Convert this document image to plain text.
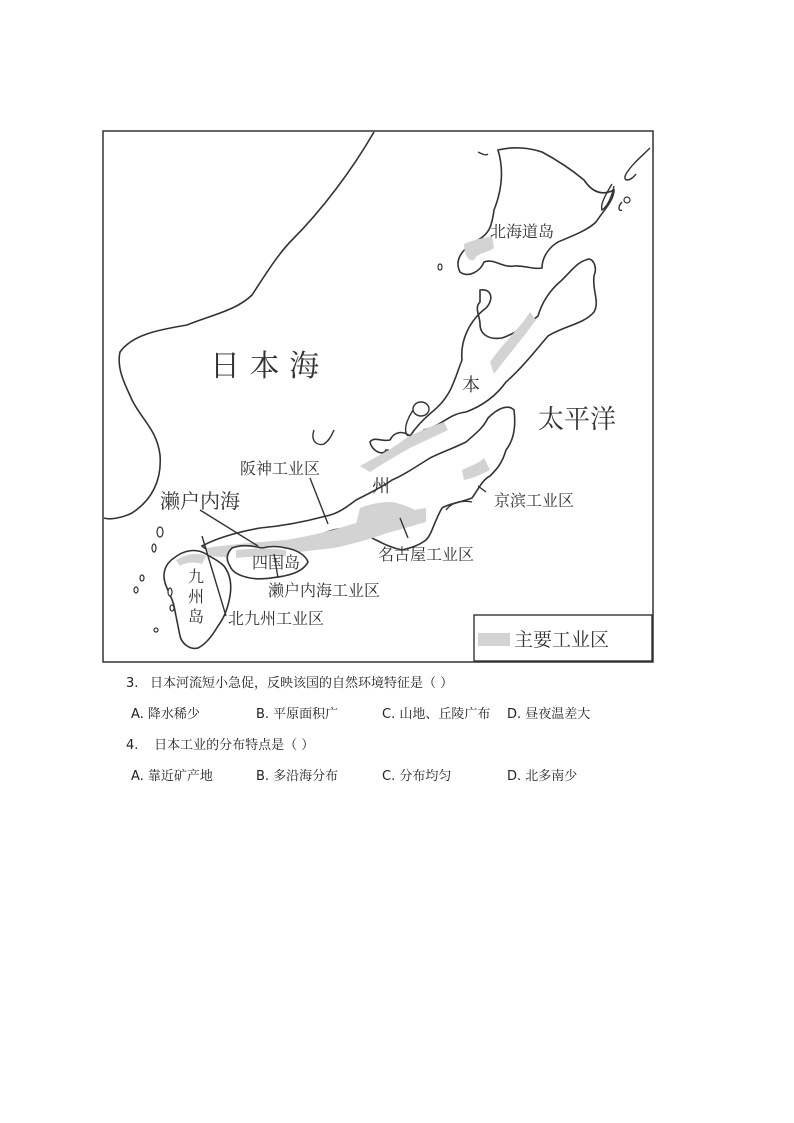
日 本 海
太平洋
北海道岛
本
州
阪神工业区
京滨工业区
濑户内海
名古屋工业区
四国岛
濑户内海工业区
北九州工业区
九
州
岛
主要工业区
3. 日本河流短小急促，反映该国的自然环境特征是（ ）
A. 降水稀少	B. 平原面积广	C. 山地、丘陵广布 D. 昼夜温差大
4. 日本工业的分布特点是（ ）
A. 靠近矿产地	B. 多沿海分布	C. 分布均匀	D. 北多南少
